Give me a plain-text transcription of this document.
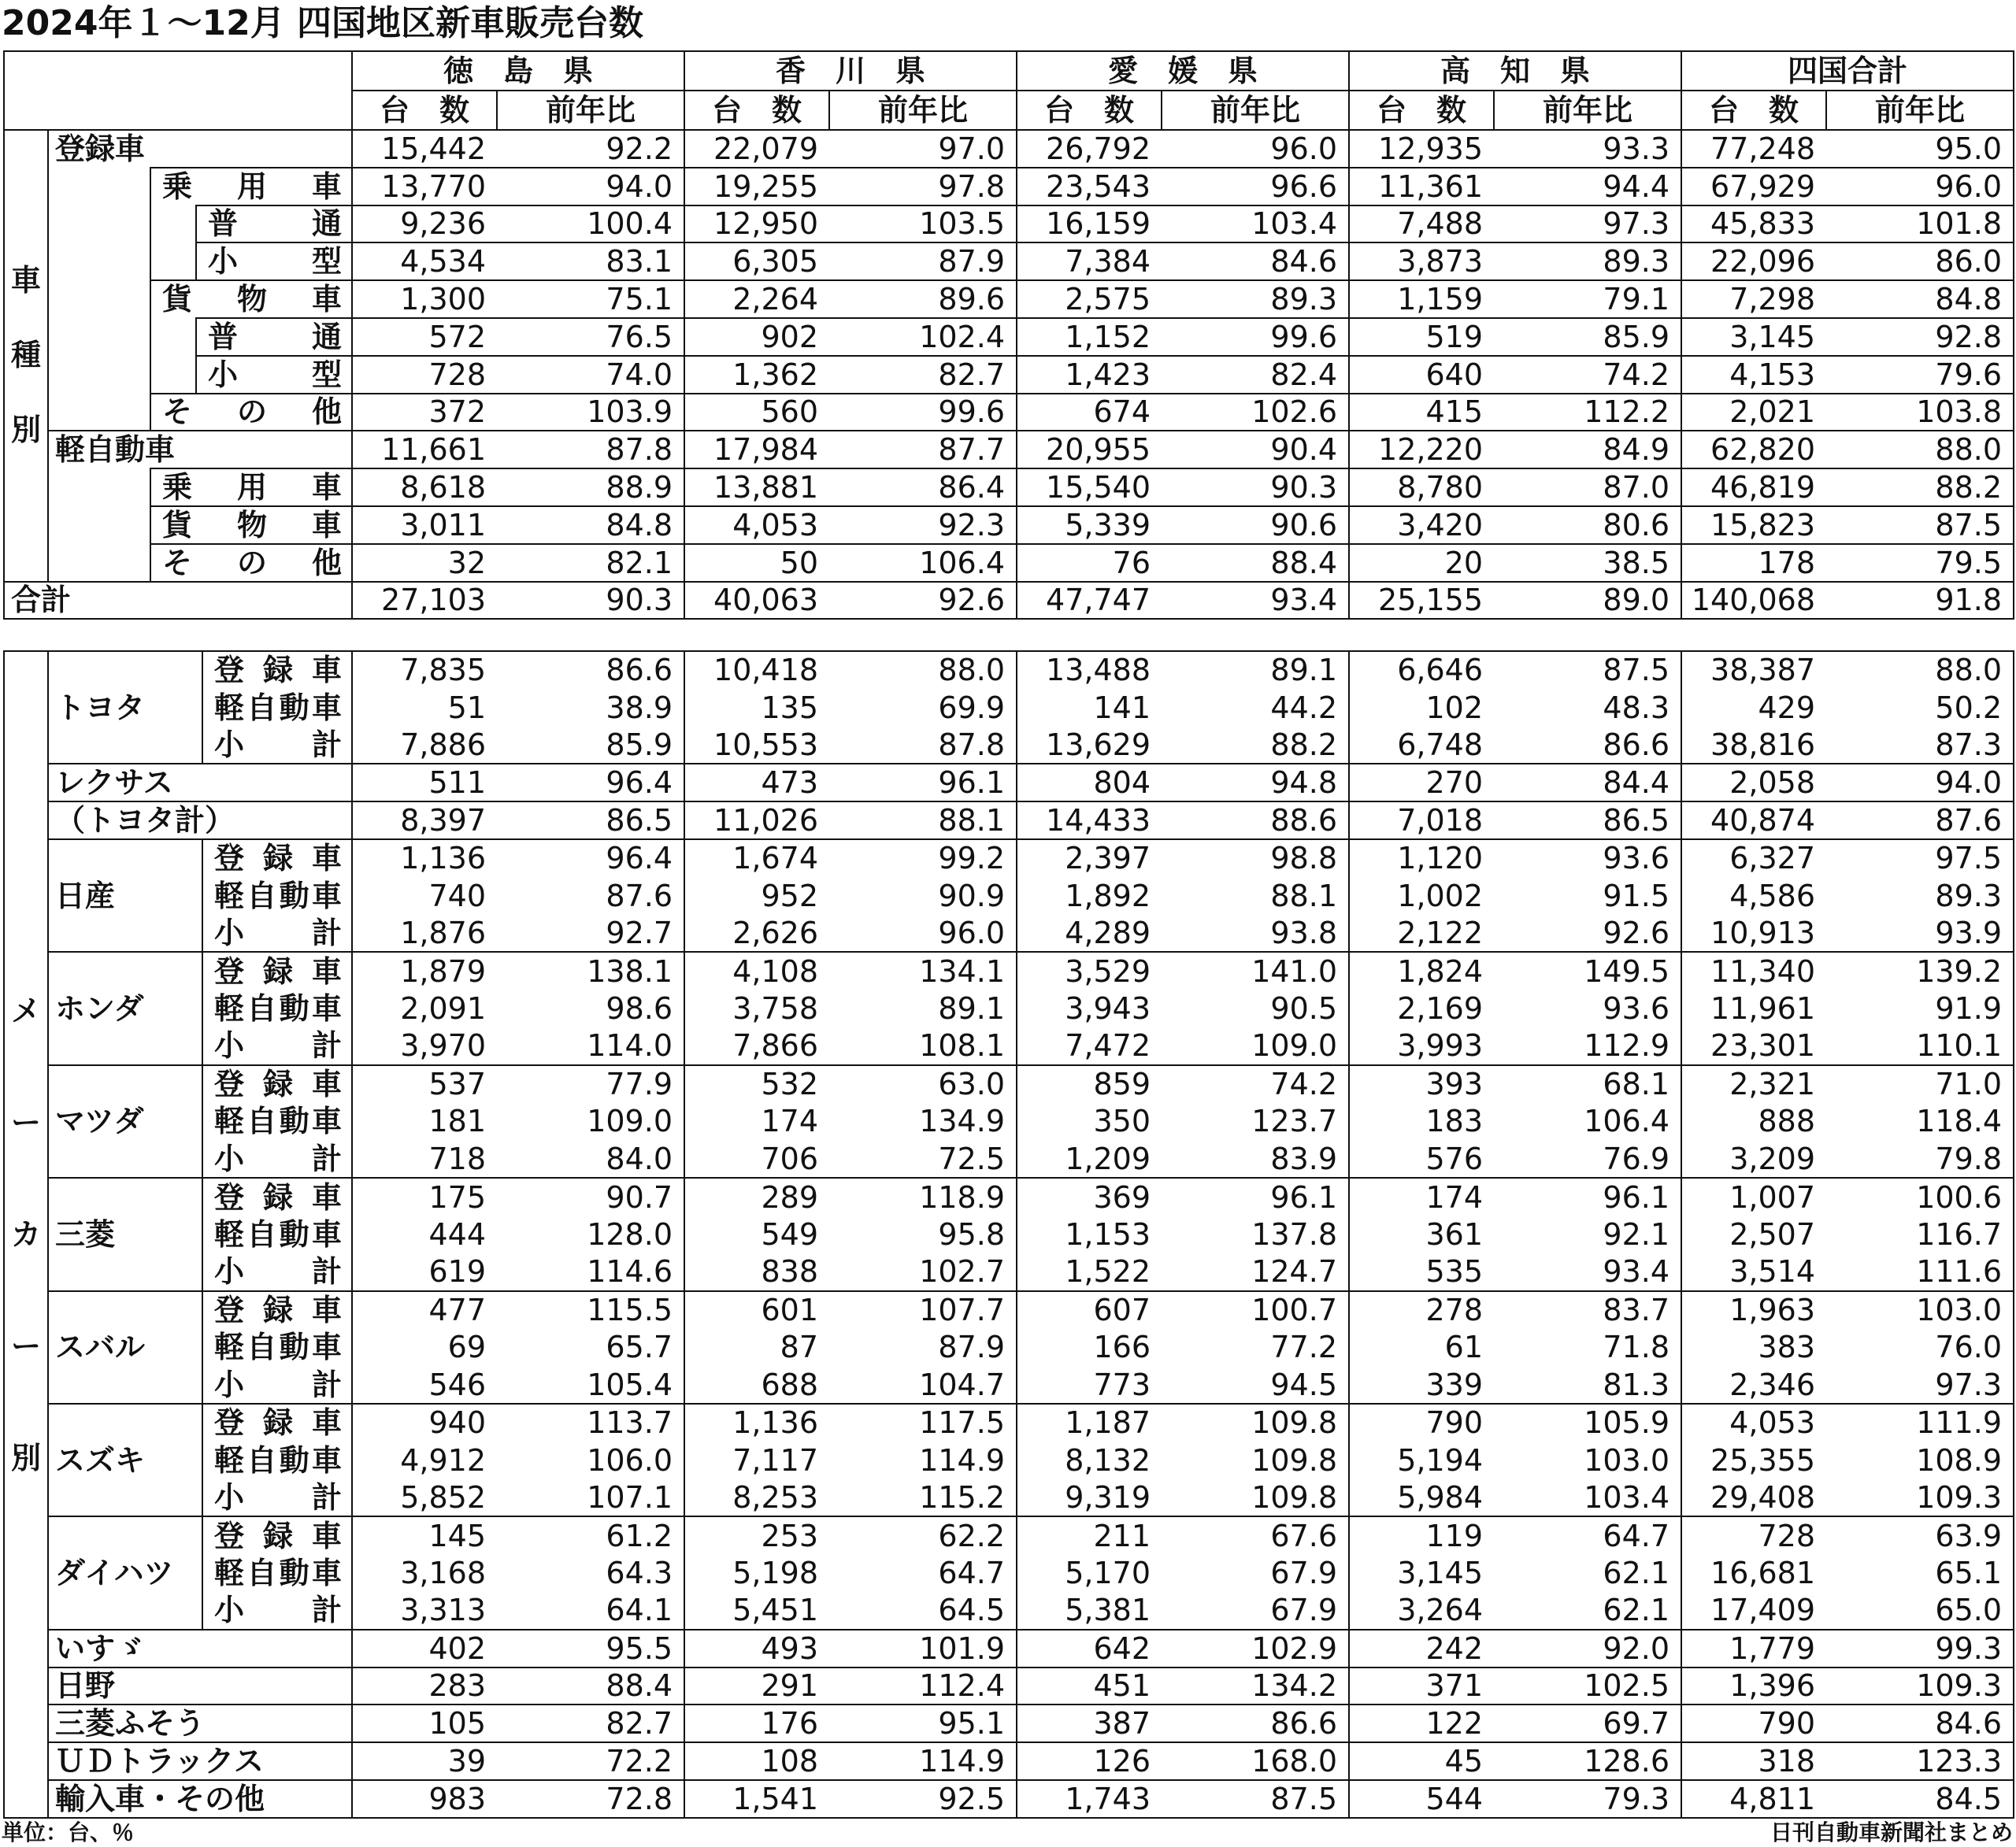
2024年１～12月 四国地区新車販売台数
				徳　島　県		香　川　県		愛　媛　県		高　知　県		四国合計	
				台　数	前年比	台　数	前年比	台　数	前年比	台　数	前年比	台　数	前年比

車
種
別	登録車			15,442	92.2	22,079	97.0	26,792	96.0	12,935	93.3	77,248	95.0
		乗用車		13,770	94.0	19,255	97.8	23,543	96.6	11,361	94.4	67,929	96.0
			普通	9,236	100.4	12,950	103.5	16,159	103.4	7,488	97.3	45,833	101.8
			小型	4,534	83.1	6,305	87.9	7,384	84.6	3,873	89.3	22,096	86.0
		貨物車		1,300	75.1	2,264	89.6	2,575	89.3	1,159	79.1	7,298	84.8
			普通	572	76.5	902	102.4	1,152	99.6	519	85.9	3,145	92.8
			小型	728	74.0	1,362	82.7	1,423	82.4	640	74.2	4,153	79.6
		その他		372	103.9	560	99.6	674	102.6	415	112.2	2,021	103.8
	軽自動車			11,661	87.8	17,984	87.7	20,955	90.4	12,220	84.9	62,820	88.0
		乗用車		8,618	88.9	13,881	86.4	15,540	90.3	8,780	87.0	46,819	88.2
		貨物車		3,011	84.8	4,053	92.3	5,339	90.6	3,420	80.6	15,823	87.5
		その他		32	82.1	50	106.4	76	88.4	20	38.5	178	79.5
合計				27,103	90.3	40,063	92.6	47,747	93.4	25,155	89.0	140,068	91.8
メ
ー
カ
ー
別	トヨタ	登録車	7,835	86.6	10,418	88.0	13,488	89.1	6,646	87.5	38,387	88.0
		軽自動車	51	38.9	135	69.9	141	44.2	102	48.3	429	50.2
		小計	7,886	85.9	10,553	87.8	13,629	88.2	6,748	86.6	38,816	87.3
	レクサス		511	96.4	473	96.1	804	94.8	270	84.4	2,058	94.0
	（トヨタ計）		8,397	86.5	11,026	88.1	14,433	88.6	7,018	86.5	40,874	87.6
	日産	登録車	1,136	96.4	1,674	99.2	2,397	98.8	1,120	93.6	6,327	97.5
		軽自動車	740	87.6	952	90.9	1,892	88.1	1,002	91.5	4,586	89.3
		小計	1,876	92.7	2,626	96.0	4,289	93.8	2,122	92.6	10,913	93.9
	ホンダ	登録車	1,879	138.1	4,108	134.1	3,529	141.0	1,824	149.5	11,340	139.2
		軽自動車	2,091	98.6	3,758	89.1	3,943	90.5	2,169	93.6	11,961	91.9
		小計	3,970	114.0	7,866	108.1	7,472	109.0	3,993	112.9	23,301	110.1
	マツダ	登録車	537	77.9	532	63.0	859	74.2	393	68.1	2,321	71.0
		軽自動車	181	109.0	174	134.9	350	123.7	183	106.4	888	118.4
		小計	718	84.0	706	72.5	1,209	83.9	576	76.9	3,209	79.8
	三菱	登録車	175	90.7	289	118.9	369	96.1	174	96.1	1,007	100.6
		軽自動車	444	128.0	549	95.8	1,153	137.8	361	92.1	2,507	116.7
		小計	619	114.6	838	102.7	1,522	124.7	535	93.4	3,514	111.6
	スバル	登録車	477	115.5	601	107.7	607	100.7	278	83.7	1,963	103.0
		軽自動車	69	65.7	87	87.9	166	77.2	61	71.8	383	76.0
		小計	546	105.4	688	104.7	773	94.5	339	81.3	2,346	97.3
	スズキ	登録車	940	113.7	1,136	117.5	1,187	109.8	790	105.9	4,053	111.9
		軽自動車	4,912	106.0	7,117	114.9	8,132	109.8	5,194	103.0	25,355	108.9
		小計	5,852	107.1	8,253	115.2	9,319	109.8	5,984	103.4	29,408	109.3
	ダイハツ	登録車	145	61.2	253	62.2	211	67.6	119	64.7	728	63.9
		軽自動車	3,168	64.3	5,198	64.7	5,170	67.9	3,145	62.1	16,681	65.1
		小計	3,313	64.1	5,451	64.5	5,381	67.9	3,264	62.1	17,409	65.0
	いすゞ		402	95.5	493	101.9	642	102.9	242	92.0	1,779	99.3
	日野		283	88.4	291	112.4	451	134.2	371	102.5	1,396	109.3
	三菱ふそう		105	82.7	176	95.1	387	86.6	122	69.7	790	84.6
	ＵＤトラックス		39	72.2	108	114.9	126	168.0	45	128.6	318	123.3
	輸入車・その他		983	72.8	1,541	92.5	1,743	87.5	544	79.3	4,811	84.5
単位：台、％	日刊自動車新聞社まとめ
